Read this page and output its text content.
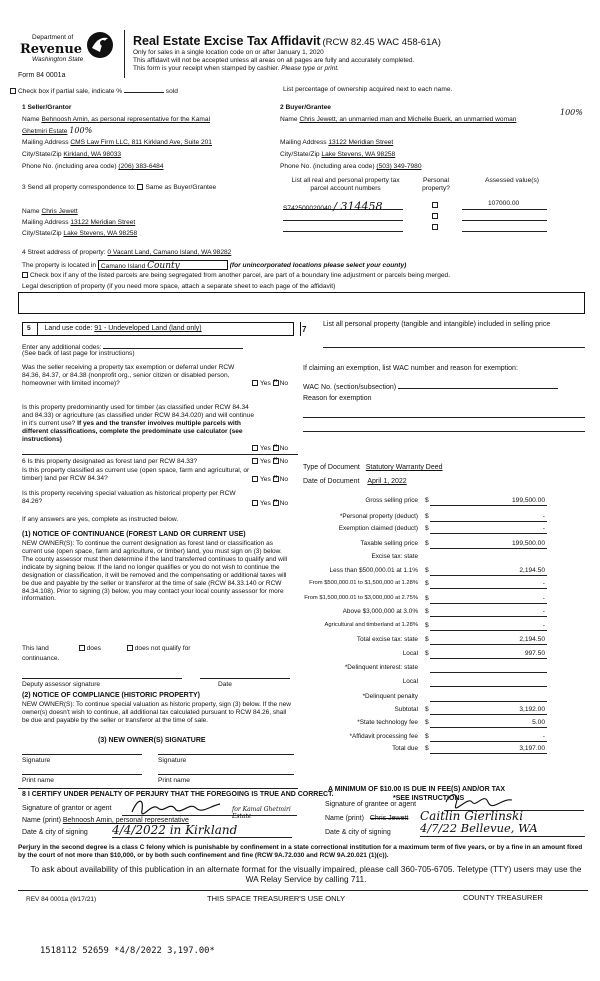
Department of
Revenue
Washington State
Form 84 0001a
Real Estate Excise Tax Affidavit (RCW 82.45 WAC 458-61A)
Only for sales in a single location code on or after January 1, 2020
This affidavit will not be accepted unless all areas on all pages are fully and accurately completed.
This form is your receipt when stamped by cashier. Please type or print.
Check box if partial sale, indicate %	sold	List percentage of ownership acquired next to each name.
1 Seller/Grantor
Name Behnoosh Amin, as personal representative for the Kamal
Ghetmiri Estate 100%
Mailing Address CMS Law Firm LLC, 811 Kirkland Ave, Suite 201
City/State/Zip Kirkland, WA 98033
Phone No. (including area code) (206) 383-6484
2 Buyer/Grantee
Name Chris Jewett, an unmarried man and Michelle Buerk, an unmarried woman
100%
Mailing Address 13122 Meridian Street
City/State/Zip Lake Stevens, WA 98258
Phone No. (including area code) (503) 349-7980
3 Send all property correspondence to: Same as Buyer/Grantee
Name Chris Jewett
Mailing Address 13122 Meridian Street
City/State/Zip Lake Stevens, WA 98258
List all real and personal property tax parcel account numbers
Personal property?
Assessed value(s)
S742500020040 / 314458	107000.00
4 Street address of property: 0 Vacant Land, Camano Island, WA 98282
The property is located in Camano Island County	(for unincorporated locations please select your county)
Check box if any of the listed parcels are being segregated from another parcel, are part of a boundary line adjustment or parcels being merged.
Legal description of property (if you need more space, attach a separate sheet to each page of the affidavit)
5 Land use code: 91 - Undeveloped Land (land only)
Enter any additional codes:
(See back of last page for instructions)
Was the seller receiving a property tax exemption or deferral under RCW 84.36, 84.37, or 84.38 (nonprofit org., senior citizen or disabled person, homeowner with limited income)?	Yes × No
Is this property predominantly used for timber (as classified under RCW 84.34 and 84.33) or agriculture (as classified under RCW 84.34.020) and will continue in it's current use? If yes and the transfer involves multiple parcels with different classifications, complete the predominate use calculator (see instructions)
Yes × No
6 Is this property designated as forest land per RCW 84.33?	Yes × No
Is this property classified as current use (open space, farm and agricultural, or timber) land per RCW 84.34?	Yes × No
Is this property receiving special valuation as historical property per RCW 84.26?	Yes × No
If any answers are yes, complete as instructed below.
(1) NOTICE OF CONTINUANCE (FOREST LAND OR CURRENT USE)
NEW OWNER(S): To continue the current designation as forest land or classification as current use (open space, farm and agriculture, or timber) land, you must sign on (3) below. The county assessor must then determine if the land transferred continues to qualify and will indicate by signing below. If the land no longer qualifies or you do not wish to continue the designation or classification, it will be removed and the compensating or additional taxes will be due and payable by the seller or transferor at the time of sale (RCW 84.33.140 or RCW 84.34.108). Prior to signing (3) below, you may contact your local county assessor for more information.
This land	does	does not qualify for
continuance.
Deputy assessor signature	Date
(2) NOTICE OF COMPLIANCE (HISTORIC PROPERTY)
NEW OWNER(S): To continue special valuation as historic property, sign (3) below. If the new owner(s) doesn't wish to continue, all additional tax calculated pursuant to RCW 84.26, shall be due and payable by the seller or transferor at the time of sale.
(3) NEW OWNER(S) SIGNATURE
Signature	Signature
Print name	Print name
7
List all personal property (tangible and intangible) included in selling price
If claiming an exemption, list WAC number and reason for exemption:
WAC No. (section/subsection)
Reason for exemption
Type of Document Statutory Warranty Deed
Date of Document April 1, 2022
Gross selling price $	199,500.00
*Personal property (deduct) $	-
Exemption claimed (deduct) $	-
Taxable selling price $	199,500.00
Excise tax: state
Less than $500,000.01 at 1.1% $	2,194.50
From $500,000.01 to $1,500,000 at 1.28% $	-
From $1,500,000.01 to $3,000,000 at 2.75% $	-
Above $3,000,000 at 3.0% $	-
Agricultural and timberland at 1.28% $	-
Total excise tax: state $	2,194.50
Local $	997.50
*Delinquent interest: state
Local
*Delinquent penalty
Subtotal $	3,192.00
*State technology fee $	5.00
*Affidavit processing fee $	-
Total due $	3,197.00
A MINIMUM OF $10.00 IS DUE IN FEE(S) AND/OR TAX
*SEE INSTRUCTIONS
8 I CERTIFY UNDER PENALTY OF PERJURY THAT THE FOREGOING IS TRUE AND CORRECT.
Signature of grantor or agent	for Kamal Ghetmiri Estate
Name (print) Behnoosh Amin, personal representative
Date & city of signing 4/4/2022 in Kirkland
Signature of grantee or agent
Name (print) Chris Jewett Caitlin Gierlinski
Date & city of signing	4/7/22 Bellevue, WA
Perjury in the second degree is a class C felony which is punishable by confinement in a state correctional institution for a maximum term of five years, or by a fine in an amount fixed by the court of not more than $10,000, or by both such confinement and fine (RCW 9A.72.030 and RCW 9A.20.021 (1)(c)).
To ask about availability of this publication in an alternate format for the visually impaired, please call 360-705-6705. Teletype (TTY) users may use the WA Relay Service by calling 711.
REV 84 0001a (9/17/21)	THIS SPACE TREASURER'S USE ONLY	COUNTY TREASURER
1518112 52659 *4/8/2022 3,197.00*
